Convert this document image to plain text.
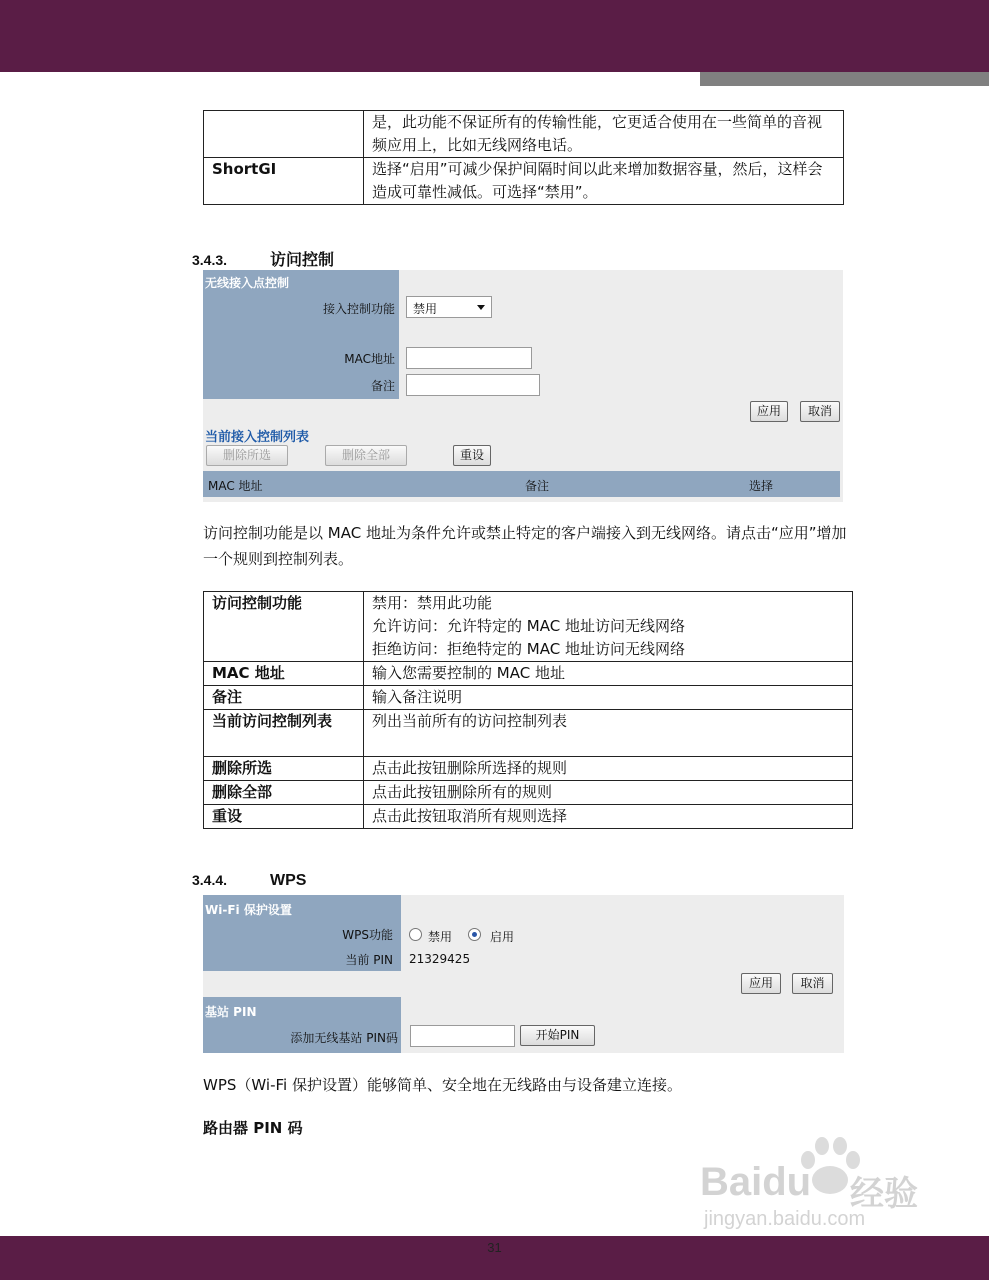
	是，此功能不保证所有的传输性能，它更适合使用在一些简单的音视频应用上，比如无线网络电话。
ShortGI	选择“启用”可减少保护间隔时间以此来增加数据容量，然后，这样会造成可靠性减低。可选择“禁用”。
3.4.3.	访问控制
无线接入点控制
接入控制功能	禁用
MAC地址
备注
应用	取消
当前接入控制列表
删除所选	删除全部	重设
MAC 地址	备注	选择
访问控制功能是以 MAC 地址为条件允许或禁止特定的客户端接入到无线网络。请点击“应用”增加一个规则到控制列表。
访问控制功能	禁用：禁用此功能
允许访问：允许特定的 MAC 地址访问无线网络
拒绝访问：拒绝特定的 MAC 地址访问无线网络

MAC 地址	输入您需要控制的 MAC 地址
备注	输入备注说明
当前访问控制列表	列出当前所有的访问控制列表
删除所选	点击此按钮删除所选择的规则
删除全部	点击此按钮删除所有的规则
重设	点击此按钮取消所有规则选择
3.4.4.	WPS
Wi-Fi 保护设置
WPS功能	禁用	启用
当前 PIN 21329425
应用	取消
基站 PIN
添加无线基站 PIN码	开始PIN
WPS（Wi-Fi 保护设置）能够简单、安全地在无线路由与设备建立连接。
路由器 PIN 码
Baidu 经验
jingyan.baidu.com
31
